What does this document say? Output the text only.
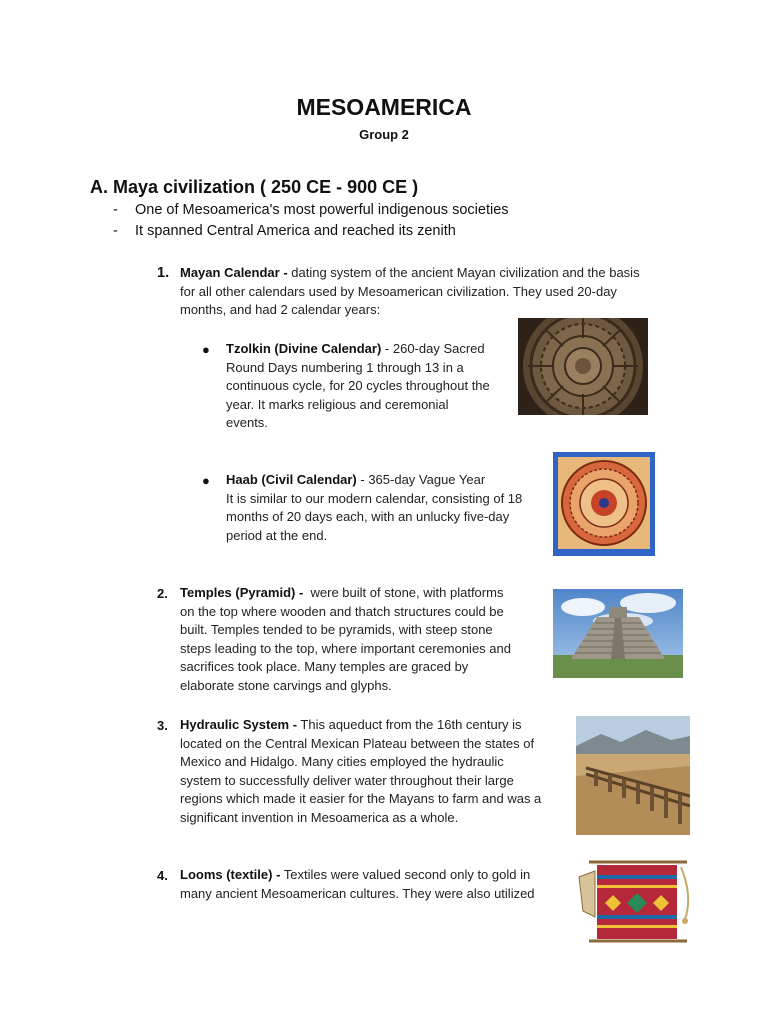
MESOAMERICA
Group 2
A. Maya civilization ( 250 CE - 900 CE )
- One of Mesoamerica's most powerful indigenous societies
- It spanned Central America and reached its zenith
1. Mayan Calendar - dating system of the ancient Mayan civilization and the basis
for all other calendars used by Mesoamerican civilization. They used 20-day
months, and had 2 calendar years:
● Tzolkin (Divine Calendar) - 260-day Sacred
Round Days numbering 1 through 13 in a
continuous cycle, for 20 cycles throughout the
year. It marks religious and ceremonial
events.
● Haab (Civil Calendar) - 365-day Vague Year
It is similar to our modern calendar, consisting of 18
months of 20 days each, with an unlucky five-day
period at the end.
2. Temples (Pyramid) -  were built of stone, with platforms
on the top where wooden and thatch structures could be
built. Temples tended to be pyramids, with steep stone
steps leading to the top, where important ceremonies and
sacrifices took place. Many temples are graced by
elaborate stone carvings and glyphs.
3. Hydraulic System - This aqueduct from the 16th century is
located on the Central Mexican Plateau between the states of
Mexico and Hidalgo. Many cities employed the hydraulic
system to successfully deliver water throughout their large
regions which made it easier for the Mayans to farm and was a
significant invention in Mesoamerica as a whole.
4. Looms (textile) - Textiles were valued second only to gold in
many ancient Mesoamerican cultures. They were also utilized
